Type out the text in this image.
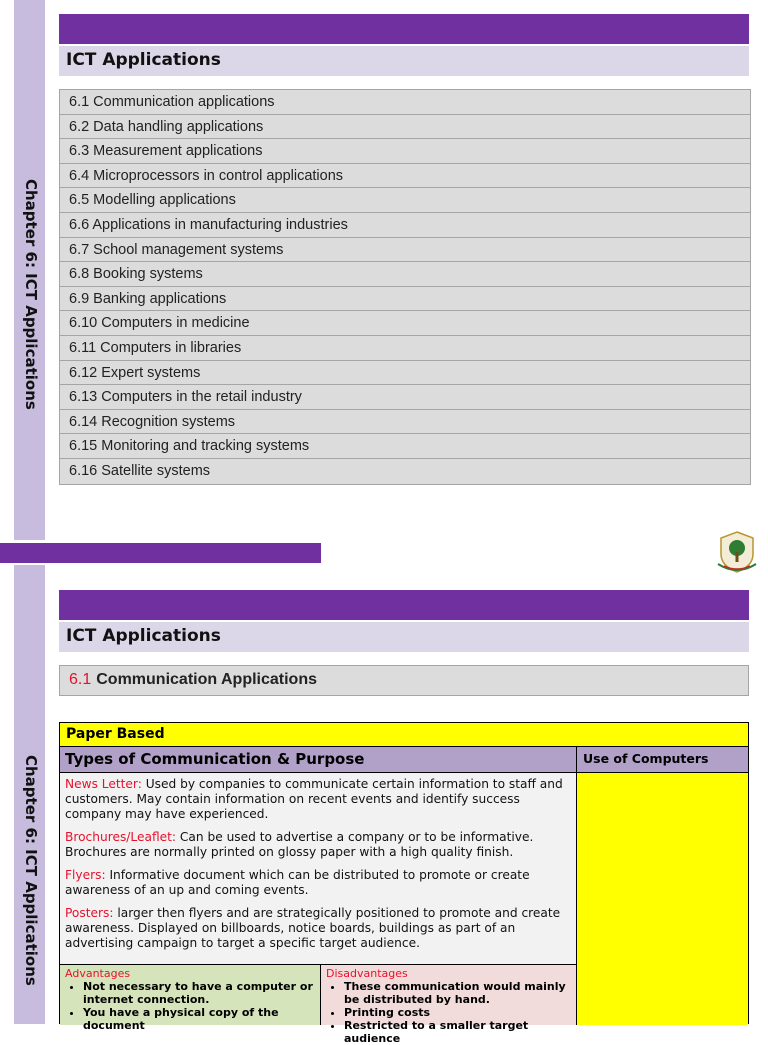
Chapter 6: ICT Applications
Chapter 6: ICT Applications
ICT Applications
6.1 Communication applications
6.2 Data handling applications
6.3 Measurement applications
6.4 Microprocessors in control applications
6.5 Modelling applications
6.6 Applications in manufacturing industries
6.7 School management systems
6.8 Booking systems
6.9 Banking applications
6.10 Computers in medicine
6.11 Computers in libraries
6.12 Expert systems
6.13 Computers in the retail industry
6.14 Recognition systems
6.15 Monitoring and tracking systems
6.16 Satellite systems
ICT Applications
6.1 Communication Applications
Paper Based
Types of Communication & Purpose	Use of Computers

News Letter: Used by companies to communicate certain information to staff and customers. May contain information on recent events and identify success company may have experienced.

Brochures/Leaflet: Can be used to advertise a company or to be informative. Brochures are normally printed on glossy paper with a high quality finish.

Flyers: Informative document which can be distributed to promote or create awareness of an up and coming events.

Posters: larger then flyers and are strategically positioned to promote and create awareness. Displayed on billboards, notice boards, buildings as part of an advertising campaign to target a specific target audience.

Advantages
• Not necessary to have a computer or internet connection.
• You have a physical copy of the document
Disadvantages
• These communication would mainly be distributed by hand.
• Printing costs
• Restricted to a smaller target audience
